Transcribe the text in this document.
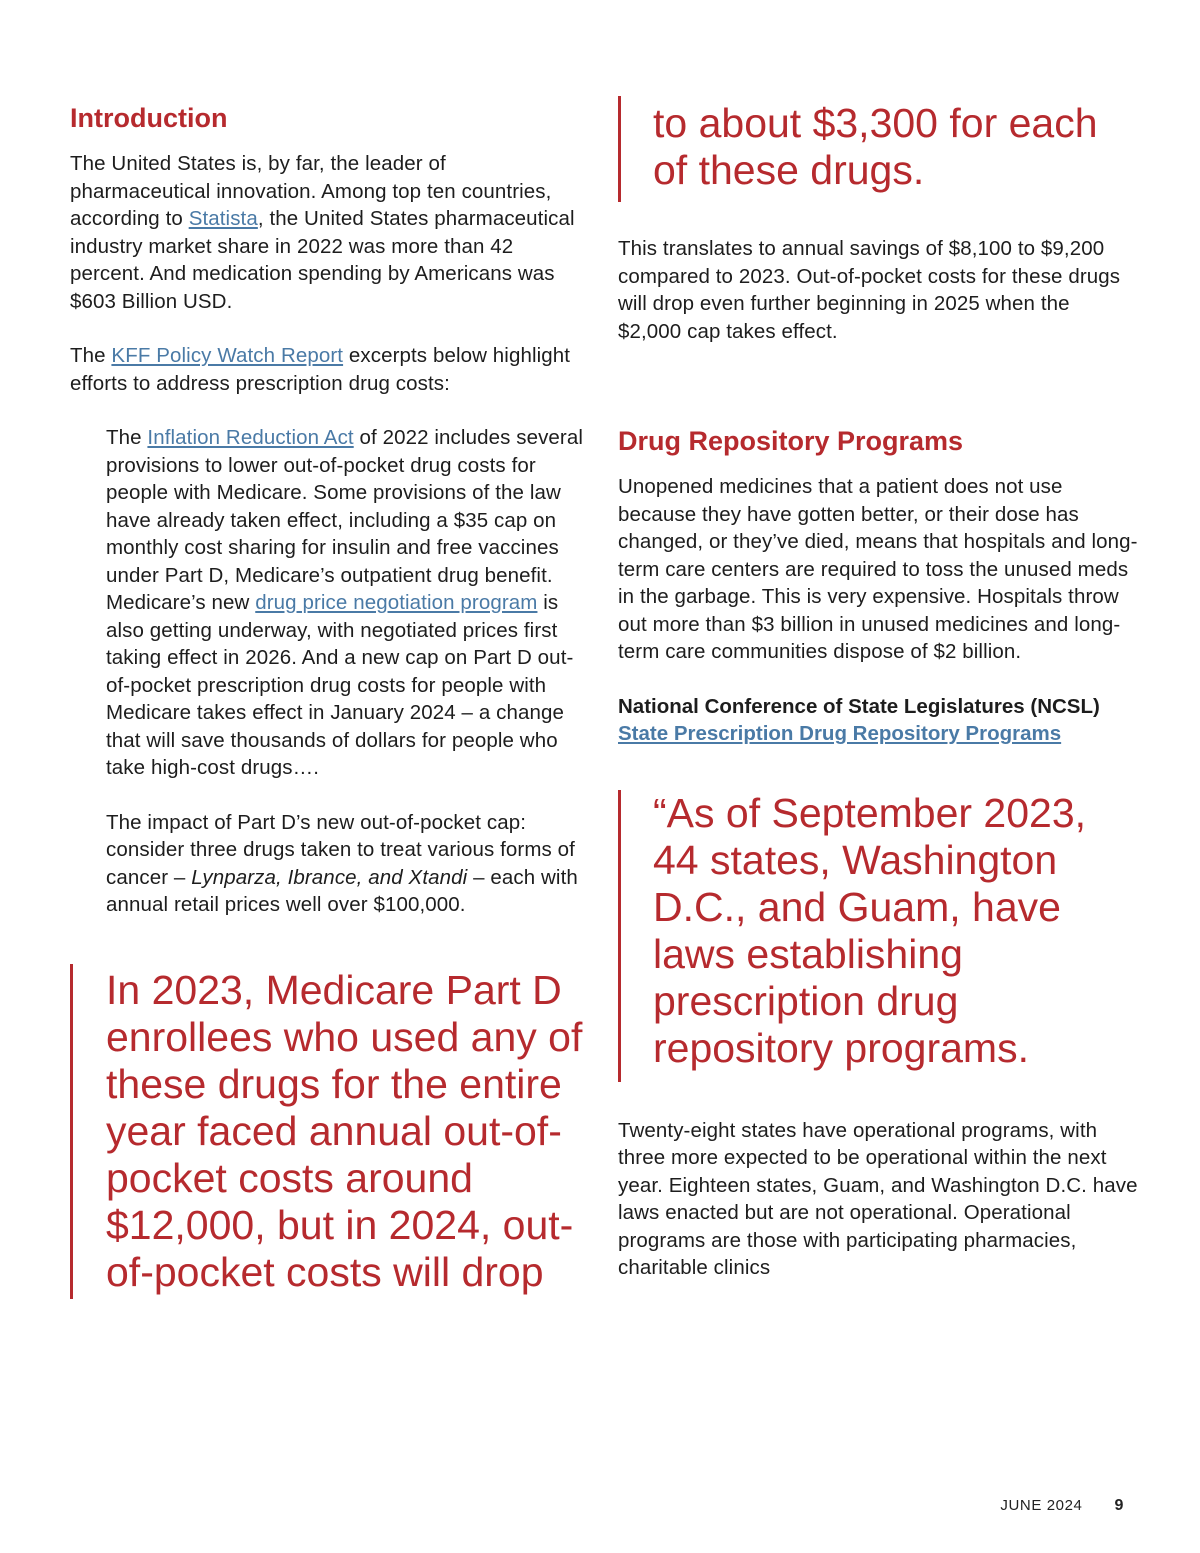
Introduction

The United States is, by far, the leader of pharmaceutical innovation. Among top ten countries, according to Statista, the United States pharmaceutical industry market share in 2022 was more than 42 percent. And medication spending by Americans was $603 Billion USD.

The KFF Policy Watch Report excerpts below highlight efforts to address prescription drug costs:

The Inflation Reduction Act of 2022 includes several provisions to lower out-of-pocket drug costs for people with Medicare. Some provisions of the law have already taken effect, including a $35 cap on monthly cost sharing for insulin and free vaccines under Part D, Medicare’s outpatient drug benefit. Medicare’s new drug price negotiation program is also getting underway, with negotiated prices first taking effect in 2026. And a new cap on Part D out-of-pocket prescription drug costs for people with Medicare takes effect in January 2024 – a change that will save thousands of dollars for people who take high-cost drugs….

The impact of Part D’s new out-of-pocket cap: consider three drugs taken to treat various forms of cancer – Lynparza, Ibrance, and Xtandi – each with annual retail prices well over $100,000.

In 2023, Medicare Part D enrollees who used any of these drugs for the entire year faced annual out-of-pocket costs around $12,000, but in 2024, out-of-pocket costs will drop
to about $3,300 for each of these drugs.

This translates to annual savings of $8,100 to $9,200 compared to 2023. Out-of-pocket costs for these drugs will drop even further beginning in 2025 when the $2,000 cap takes effect.

Drug Repository Programs

Unopened medicines that a patient does not use because they have gotten better, or their dose has changed, or they’ve died, means that hospitals and long-term care centers are required to toss the unused meds in the garbage. This is very expensive. Hospitals throw out more than $3 billion in unused medicines and long-term care communities dispose of $2 billion.

National Conference of State Legislatures (NCSL) State Prescription Drug Repository Programs

“As of September 2023, 44 states, Washington D.C., and Guam, have laws establishing prescription drug repository programs.

Twenty-eight states have operational programs, with three more expected to be operational within the next year. Eighteen states, Guam, and Washington D.C. have laws enacted but are not operational. Operational programs are those with participating pharmacies, charitable clinics

JUNE 2024 9
